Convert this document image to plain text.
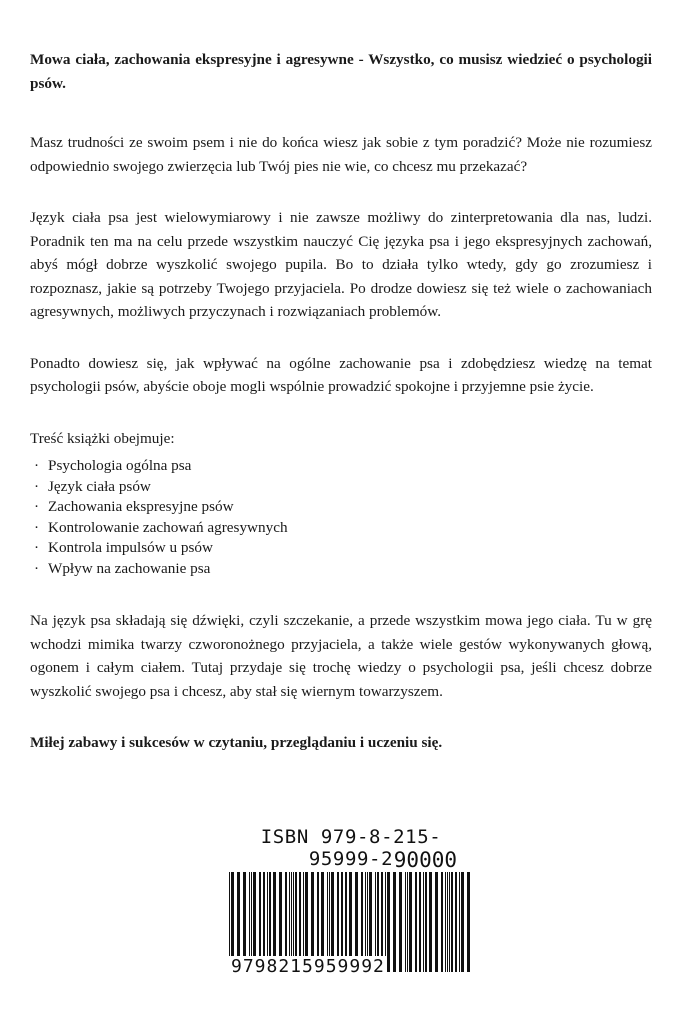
Mowa ciała, zachowania ekspresyjne i agresywne - Wszystko, co musisz wiedzieć o psychologii psów.

Masz trudności ze swoim psem i nie do końca wiesz jak sobie z tym poradzić? Może nie rozumiesz odpowiednio swojego zwierzęcia lub Twój pies nie wie, co chcesz mu przekazać?

Język ciała psa jest wielowymiarowy i nie zawsze możliwy do zinterpretowania dla nas, ludzi. Poradnik ten ma na celu przede wszystkim nauczyć Cię języka psa i jego ekspresyjnych zachowań, abyś mógł dobrze wyszkolić swojego pupila. Bo to działa tylko wtedy, gdy go zrozumiesz i rozpoznasz, jakie są potrzeby Twojego przyjaciela. Po drodze dowiesz się też wiele o zachowaniach agresywnych, możliwych przyczynach i rozwiązaniach problemów.

Ponadto dowiesz się, jak wpływać na ogólne zachowanie psa i zdobędziesz wiedzę na temat psychologii psów, abyście oboje mogli wspólnie prowadzić spokojne i przyjemne psie życie.

Treść książki obejmuje:

· Psychologia ogólna psa
· Język ciała psów
· Zachowania ekspresyjne psów
· Kontrolowanie zachowań agresywnych
· Kontrola impulsów u psów
· Wpływ na zachowanie psa

Na język psa składają się dźwięki, czyli szczekanie, a przede wszystkim mowa jego ciała. Tu w grę wchodzi mimika twarzy czworonożnego przyjaciela, a także wiele gestów wykonywanych głową, ogonem i całym ciałem. Tutaj przydaje się trochę wiedzy o psychologii psa, jeśli chcesz dobrze wyszkolić swojego psa i chcesz, aby stał się wiernym towarzyszem.

Miłej zabawy i sukcesów w czytaniu, przeglądaniu i uczeniu się.

ISBN 979-8-215-95999-2 90000
9798215959992
